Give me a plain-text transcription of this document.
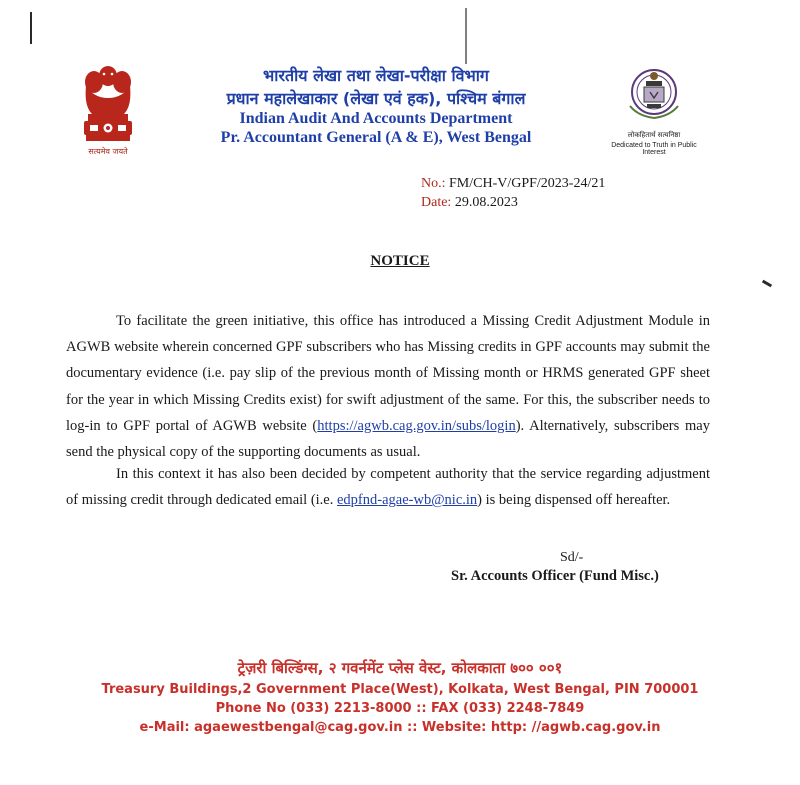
सत्यमेव जयते
भारतीय लेखा तथा लेखा-परीक्षा विभाग
प्रधान महालेखाकार (लेखा एवं हक), पश्चिम बंगाल
Indian Audit And Accounts Department
Pr. Accountant General (A & E), West Bengal	लोकहितार्थ सत्यनिष्ठा
Dedicated to Truth in Public Interest
No.: FM/CH-V/GPF/2023-24/21
Date: 29.08.2023
NOTICE
To facilitate the green initiative, this office has introduced a Missing Credit Adjustment Module in AGWB website wherein concerned GPF subscribers who has Missing credits in GPF accounts may submit the documentary evidence (i.e. pay slip of the previous month of Missing month or HRMS generated GPF sheet for the year in which Missing Credits exist) for swift adjustment of the same. For this, the subscriber needs to log-in to GPF portal of AGWB website (https://agwb.cag.gov.in/subs/login). Alternatively, subscribers may send the physical copy of the supporting documents as usual.
In this context it has also been decided by competent authority that the service regarding adjustment of missing credit through dedicated email (i.e. edpfnd-agae-wb@nic.in) is being dispensed off hereafter.
Sd/-
Sr. Accounts Officer (Fund Misc.)
ट्रेज़री बिल्डिंग्स, २ गवर्नमेंट प्लेस वेस्ट, कोलकाता ७०० ००१
Treasury Buildings,2 Government Place(West), Kolkata, West Bengal, PIN 700001
Phone No (033) 2213-8000 :: FAX (033) 2248-7849
e-Mail: agaewestbengal@cag.gov.in :: Website: http: //agwb.cag.gov.in
